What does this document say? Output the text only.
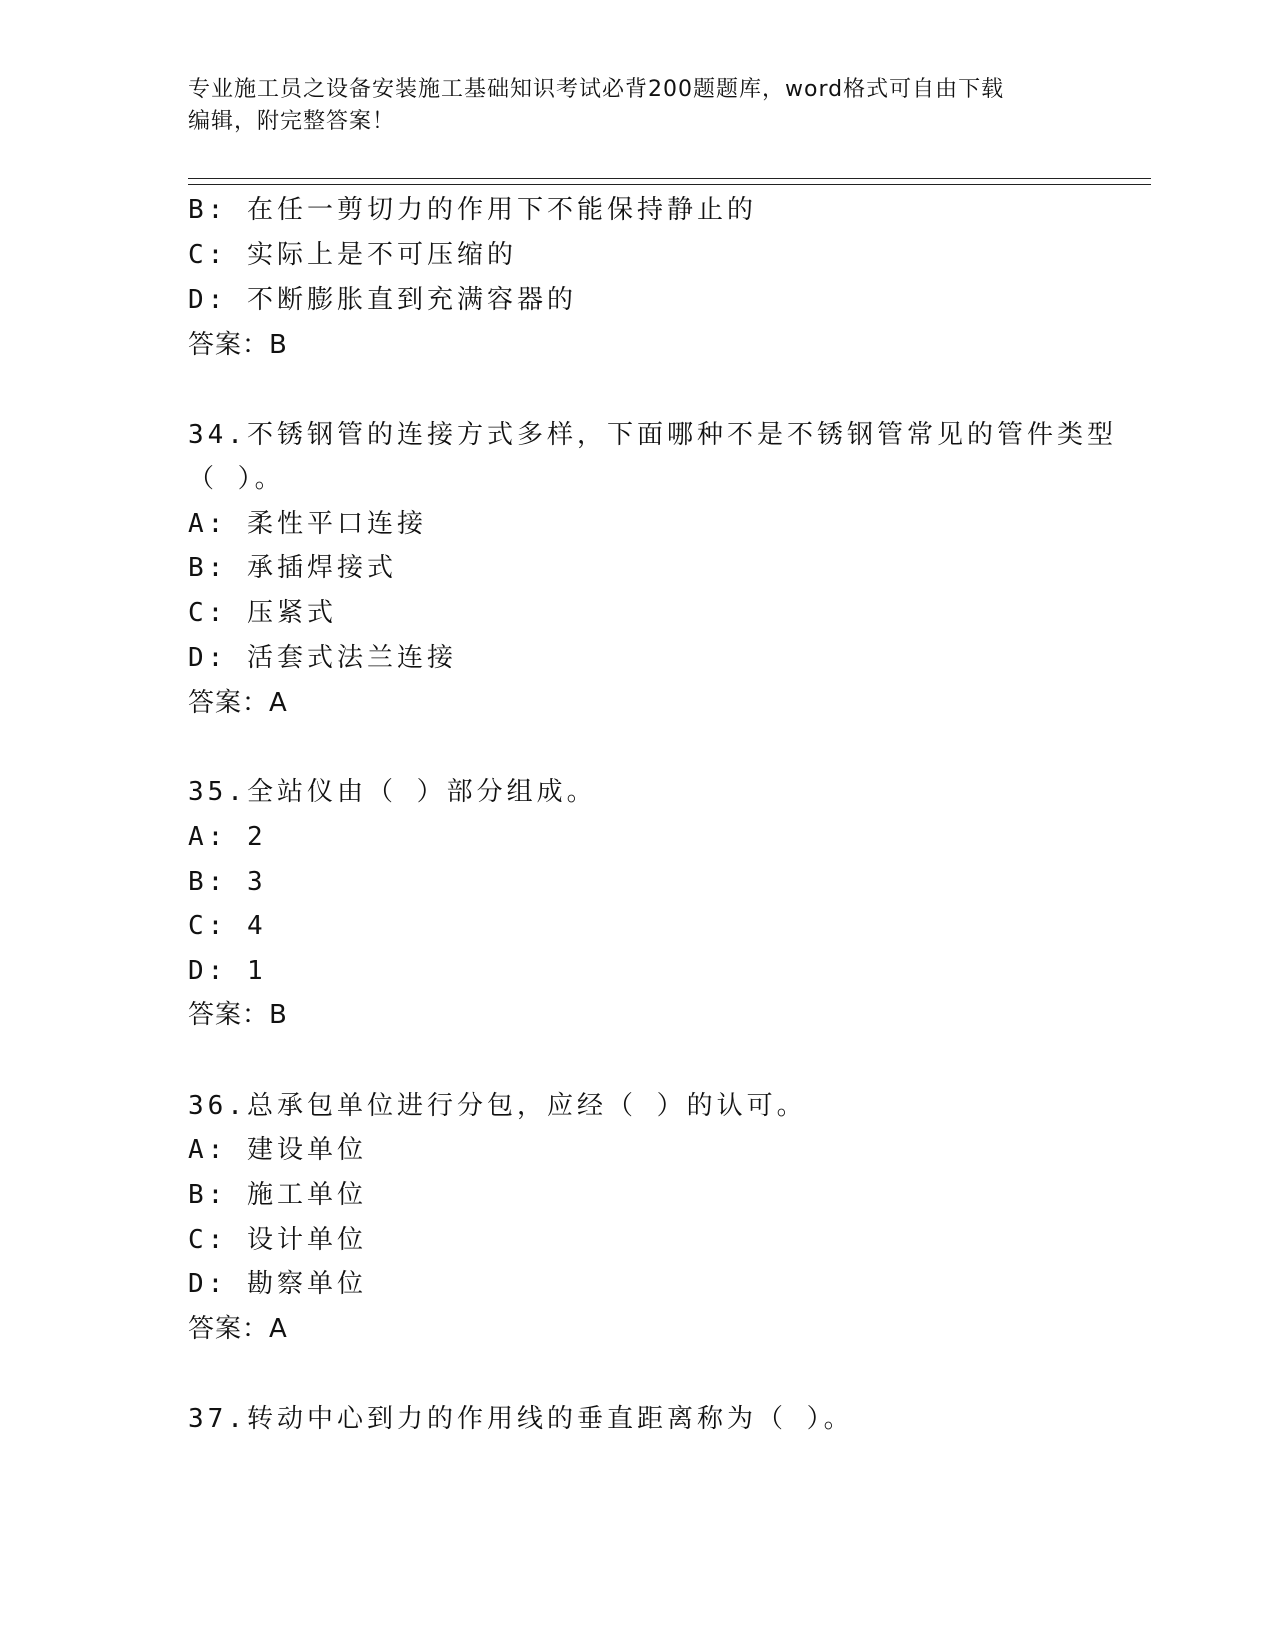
专业施工员之设备安装施工基础知识考试必背200题题库，word格式可自由下载
编辑，附完整答案！
B: 在任一剪切力的作用下不能保持静止的
C: 实际上是不可压缩的
D: 不断膨胀直到充满容器的
答案：B
34.不锈钢管的连接方式多样，下面哪种不是不锈钢管常见的管件类型
（ ）。
A: 柔性平口连接
B: 承插焊接式
C: 压紧式
D: 活套式法兰连接
答案：A
35.全站仪由（ ）部分组成。
A: 2
B: 3
C: 4
D: 1
答案：B
36.总承包单位进行分包，应经（ ）的认可。
A: 建设单位
B: 施工单位
C: 设计单位
D: 勘察单位
答案：A
37.转动中心到力的作用线的垂直距离称为（ ）。
